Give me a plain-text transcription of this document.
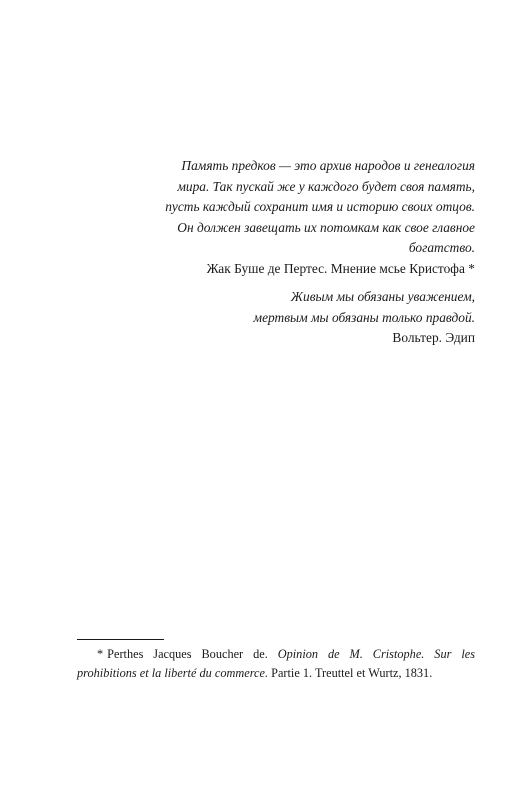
Память предков — это архив народов и генеалогия
мира. Так пускай же у каждого будет своя память,
пусть каждый сохранит имя и историю своих отцов.
Он должен завещать их потомкам как свое главное
богатство.
Жак Буше де Пертес. Мнение мсье Кристофа *
Живым мы обязаны уважением,
мертвым мы обязаны только правдой.
Вольтер. Эдип
* Perthes Jacques Boucher de. Opinion de M. Cristophe. Sur les prohibitions et la liberté du commerce. Partie 1. Treuttel et Wurtz, 1831.
